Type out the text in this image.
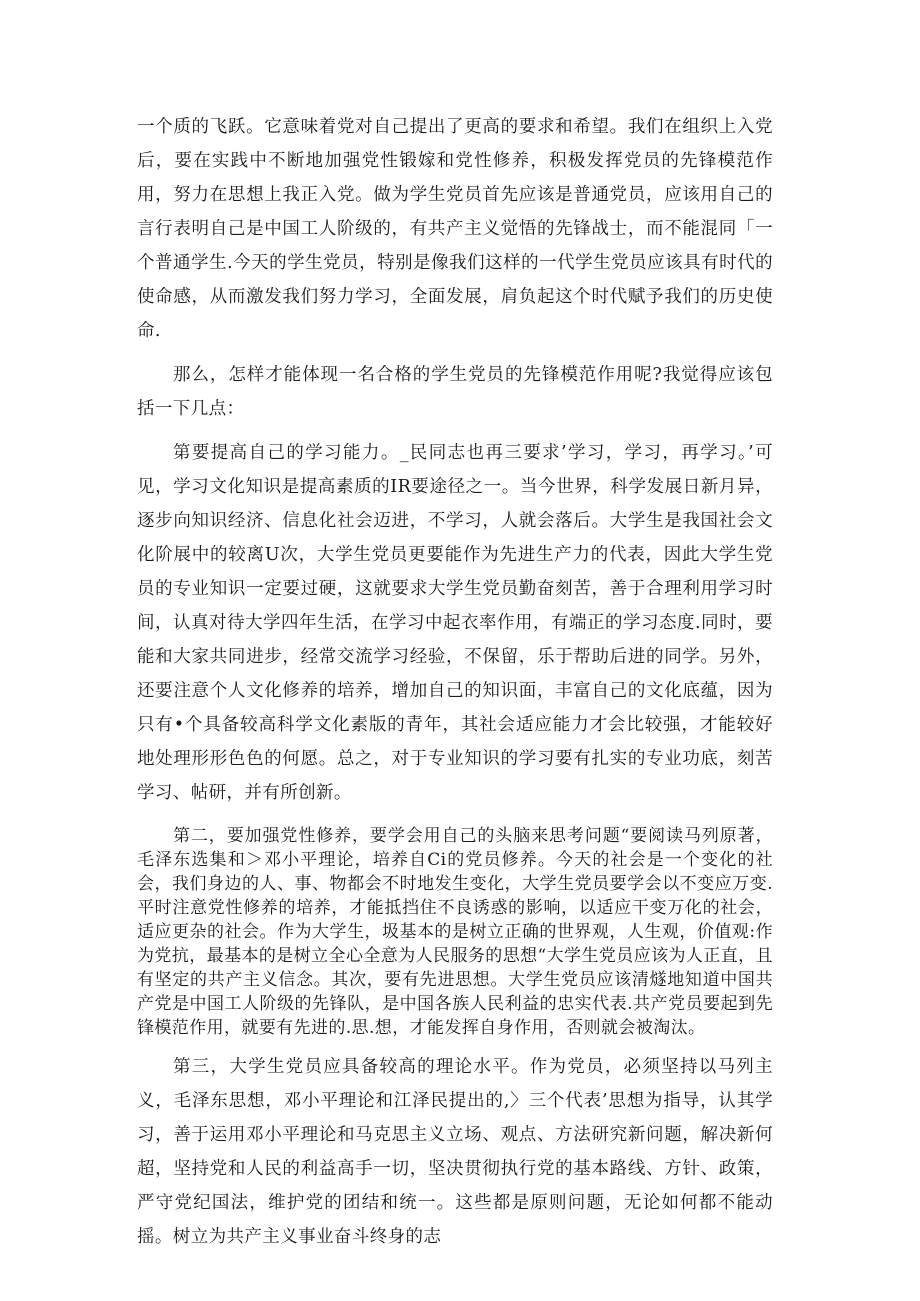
一个质的飞跃。它意味着党对自己提出了更高的要求和希望。我们在组织上入党后，要在实践中不断地加强党性锻嫁和党性修养，积极发挥党员的先锋模范作用，努力在思想上我正入党。做为学生党员首先应该是普通党员，应该用自己的言行表明自己是中国工人阶级的，有共产主义觉悟的先锋战士，而不能混同「一个普通学生.今天的学生党员，特别是像我们这样的一代学生党员应该具有时代的使命感，从而激发我们努力学习，全面发展，肩负起这个时代赋予我们的历史使命.

那么，怎样才能体现一名合格的学生党员的先锋模范作用呢?我觉得应该包括一下几点：

第要提高自己的学习能力。_民同志也再三要求’学习，学习，再学习。’可见，学习文化知识是提高素质的IR要途径之一。当今世界，科学发展日新月异，逐步向知识经济、信息化社会迈进，不学习，人就会落后。大学生是我国社会文化阶展中的较离U次，大学生党员更要能作为先进生产力的代表，因此大学生党员的专业知识一定要过硬，这就要求大学生党员勤奋刻苦，善于合理利用学习时间，认真对待大学四年生活，在学习中起衣率作用，有端正的学习态度.同时，要能和大家共同进步，经常交流学习经验，不保留，乐于帮助后进的同学。另外，还要注意个人文化修养的培养，增加自己的知识面，丰富自己的文化底蕴，因为只有•个具备较高科学文化素版的青年，其社会适应能力才会比较强，才能较好地处理形形色色的何愿。总之，对于专业知识的学习要有扎实的专业功底，刻苦学习、帖研，并有所创新。

第二，要加强党性修养，要学会用自己的头脑来思考问题“要阅读马列原著，毛泽东选集和＞邓小平理论，培养自Ci的党员修养。今天的社会是一个变化的社会，我们身边的人、事、物都会不时地发生变化，大学生党员要学会以不变应万变.平时注意党性修养的培养，才能抵挡住不良诱惑的影响，以适应干变万化的社会，适应更杂的社会。作为大学生，圾基本的是树立正确的世界观，人生观，价值观:作为党抗，最基本的是树立全心全意为人民服务的思想“大学生党员应该为人正直，且有坚定的共产主义信念。其次，要有先进思想。大学生党员应该清燧地知道中国共产党是中国工人阶级的先锋队，是中国各族人民利益的忠实代表.共产党员要起到先锋模范作用，就要有先进的.思.想，才能发挥自身作用，否则就会被淘汰。

第三，大学生党员应具备较高的理论水平。作为党员，必须坚持以马列主义，毛泽东思想，邓小平理论和江泽民提出的,〉三个代表’思想为指导，认其学习，善于运用邓小平理论和马克思主义立场、观点、方法研究新问题，解决新何超，坚持党和人民的利益高手一切，坚决贯彻执行党的基本路线、方针、政策，严守党纪国法，维护党的团结和统一。这些都是原则问题，无论如何都不能动摇。树立为共产主义事业奋斗终身的志
